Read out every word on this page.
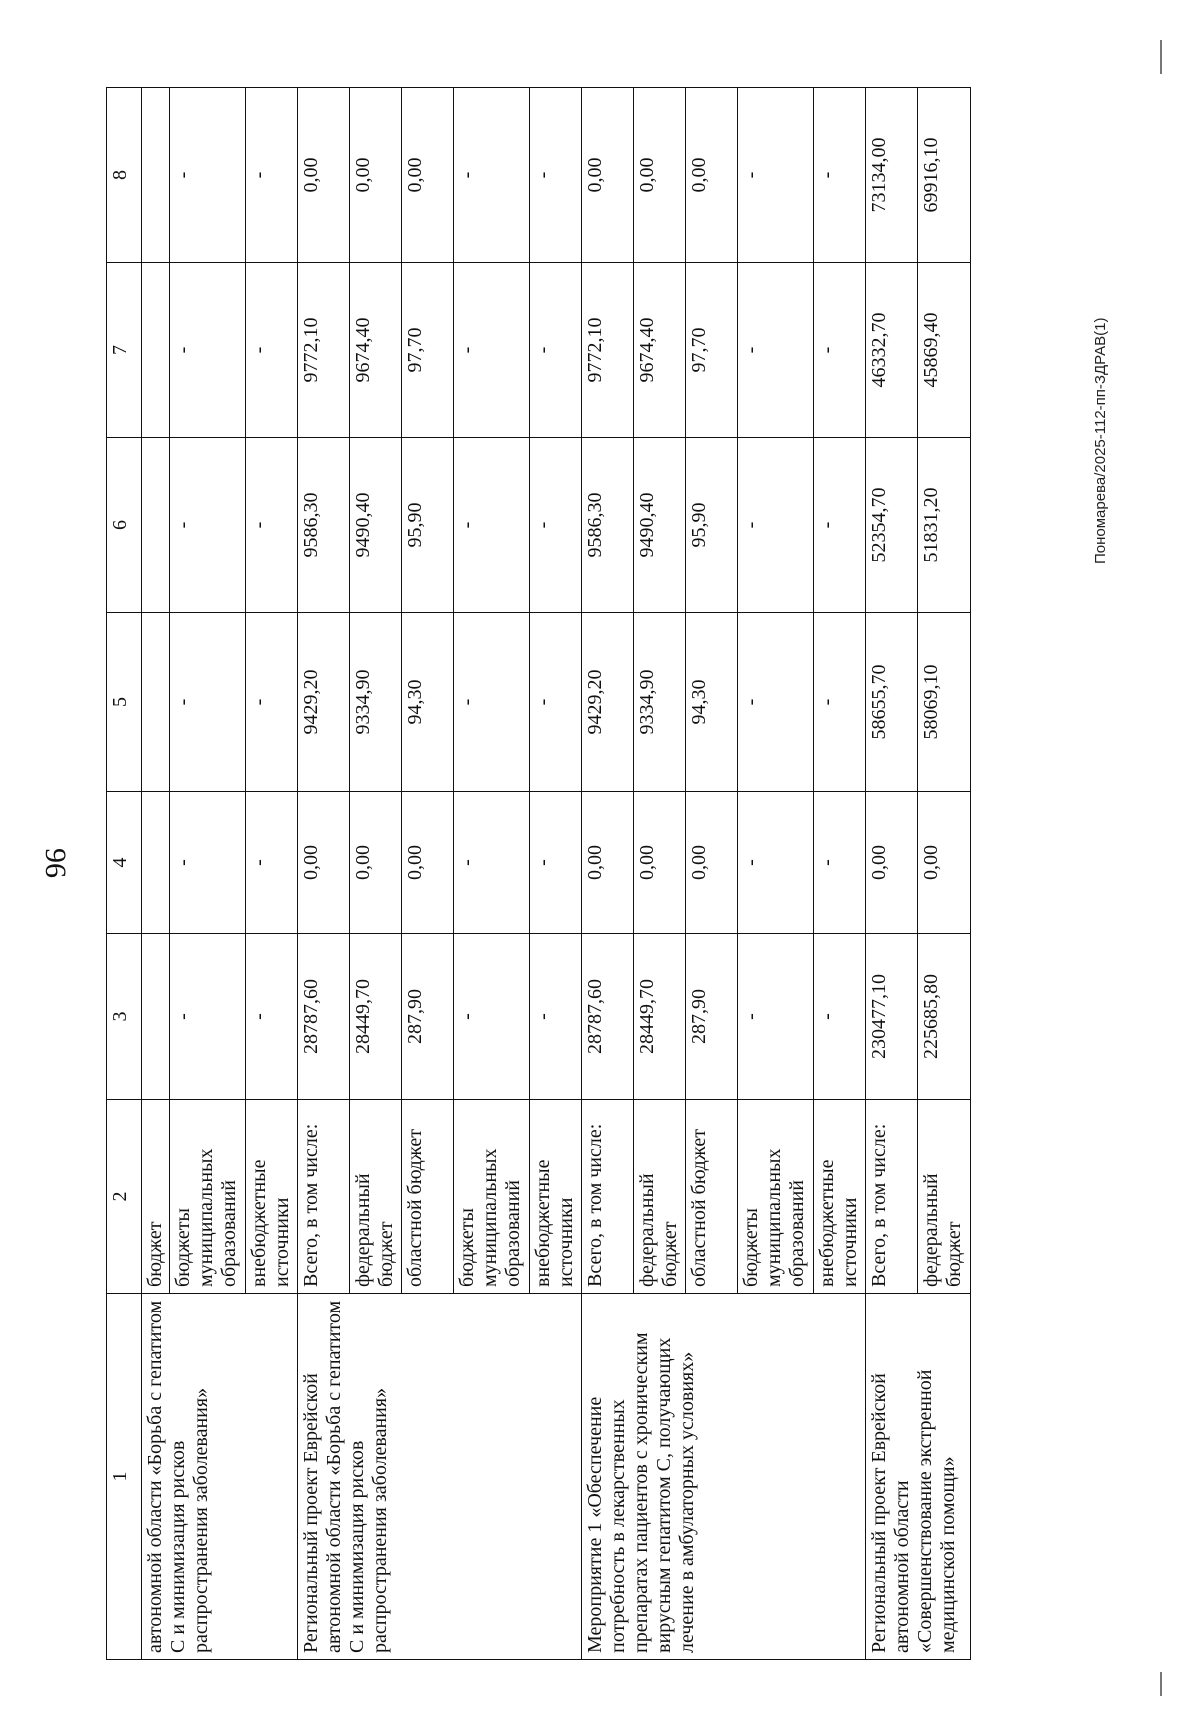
96
1	2	3	4	5	6	7	8
автономной области «Борьба с гепатитом С и минимизация рисков распространения заболевания»	бюджет						
	бюджеты муниципальных образований	-	-	-	-	-	-
	внебюджетные источники	-	-	-	-	-	-
Региональный проект Еврейской автономной области «Борьба с гепатитом С и минимизация рисков распространения заболевания»	Всего, в том числе:	28787,60	0,00	9429,20	9586,30	9772,10	0,00
	федеральный бюджет	28449,70	0,00	9334,90	9490,40	9674,40	0,00
	областной бюджет	287,90	0,00	94,30	95,90	97,70	0,00
	бюджеты муниципальных образований	-	-	-	-	-	-
	внебюджетные источники	-	-	-	-	-	-
Мероприятие 1 «Обеспечение потребность в лекарственных препаратах пациентов с хроническим вирусным гепатитом С, получающих лечение в амбулаторных условиях»	Всего, в том числе:	28787,60	0,00	9429,20	9586,30	9772,10	0,00
	федеральный бюджет	28449,70	0,00	9334,90	9490,40	9674,40	0,00
	областной бюджет	287,90	0,00	94,30	95,90	97,70	0,00
	бюджеты муниципальных образований	-	-	-	-	-	-
	внебюджетные источники	-	-	-	-	-	-

Региональный проект Еврейской автономной области «Совершенствование экстренной медицинской помощи»	Всего, в том числе:	230477,10	0,00	58655,70	52354,70	46332,70	73134,00

	федеральный бюджет	225685,80	0,00	58069,10	51831,20	45869,40	69916,10
Пономарева/2025-112-пп-ЗДРАВ(1)
